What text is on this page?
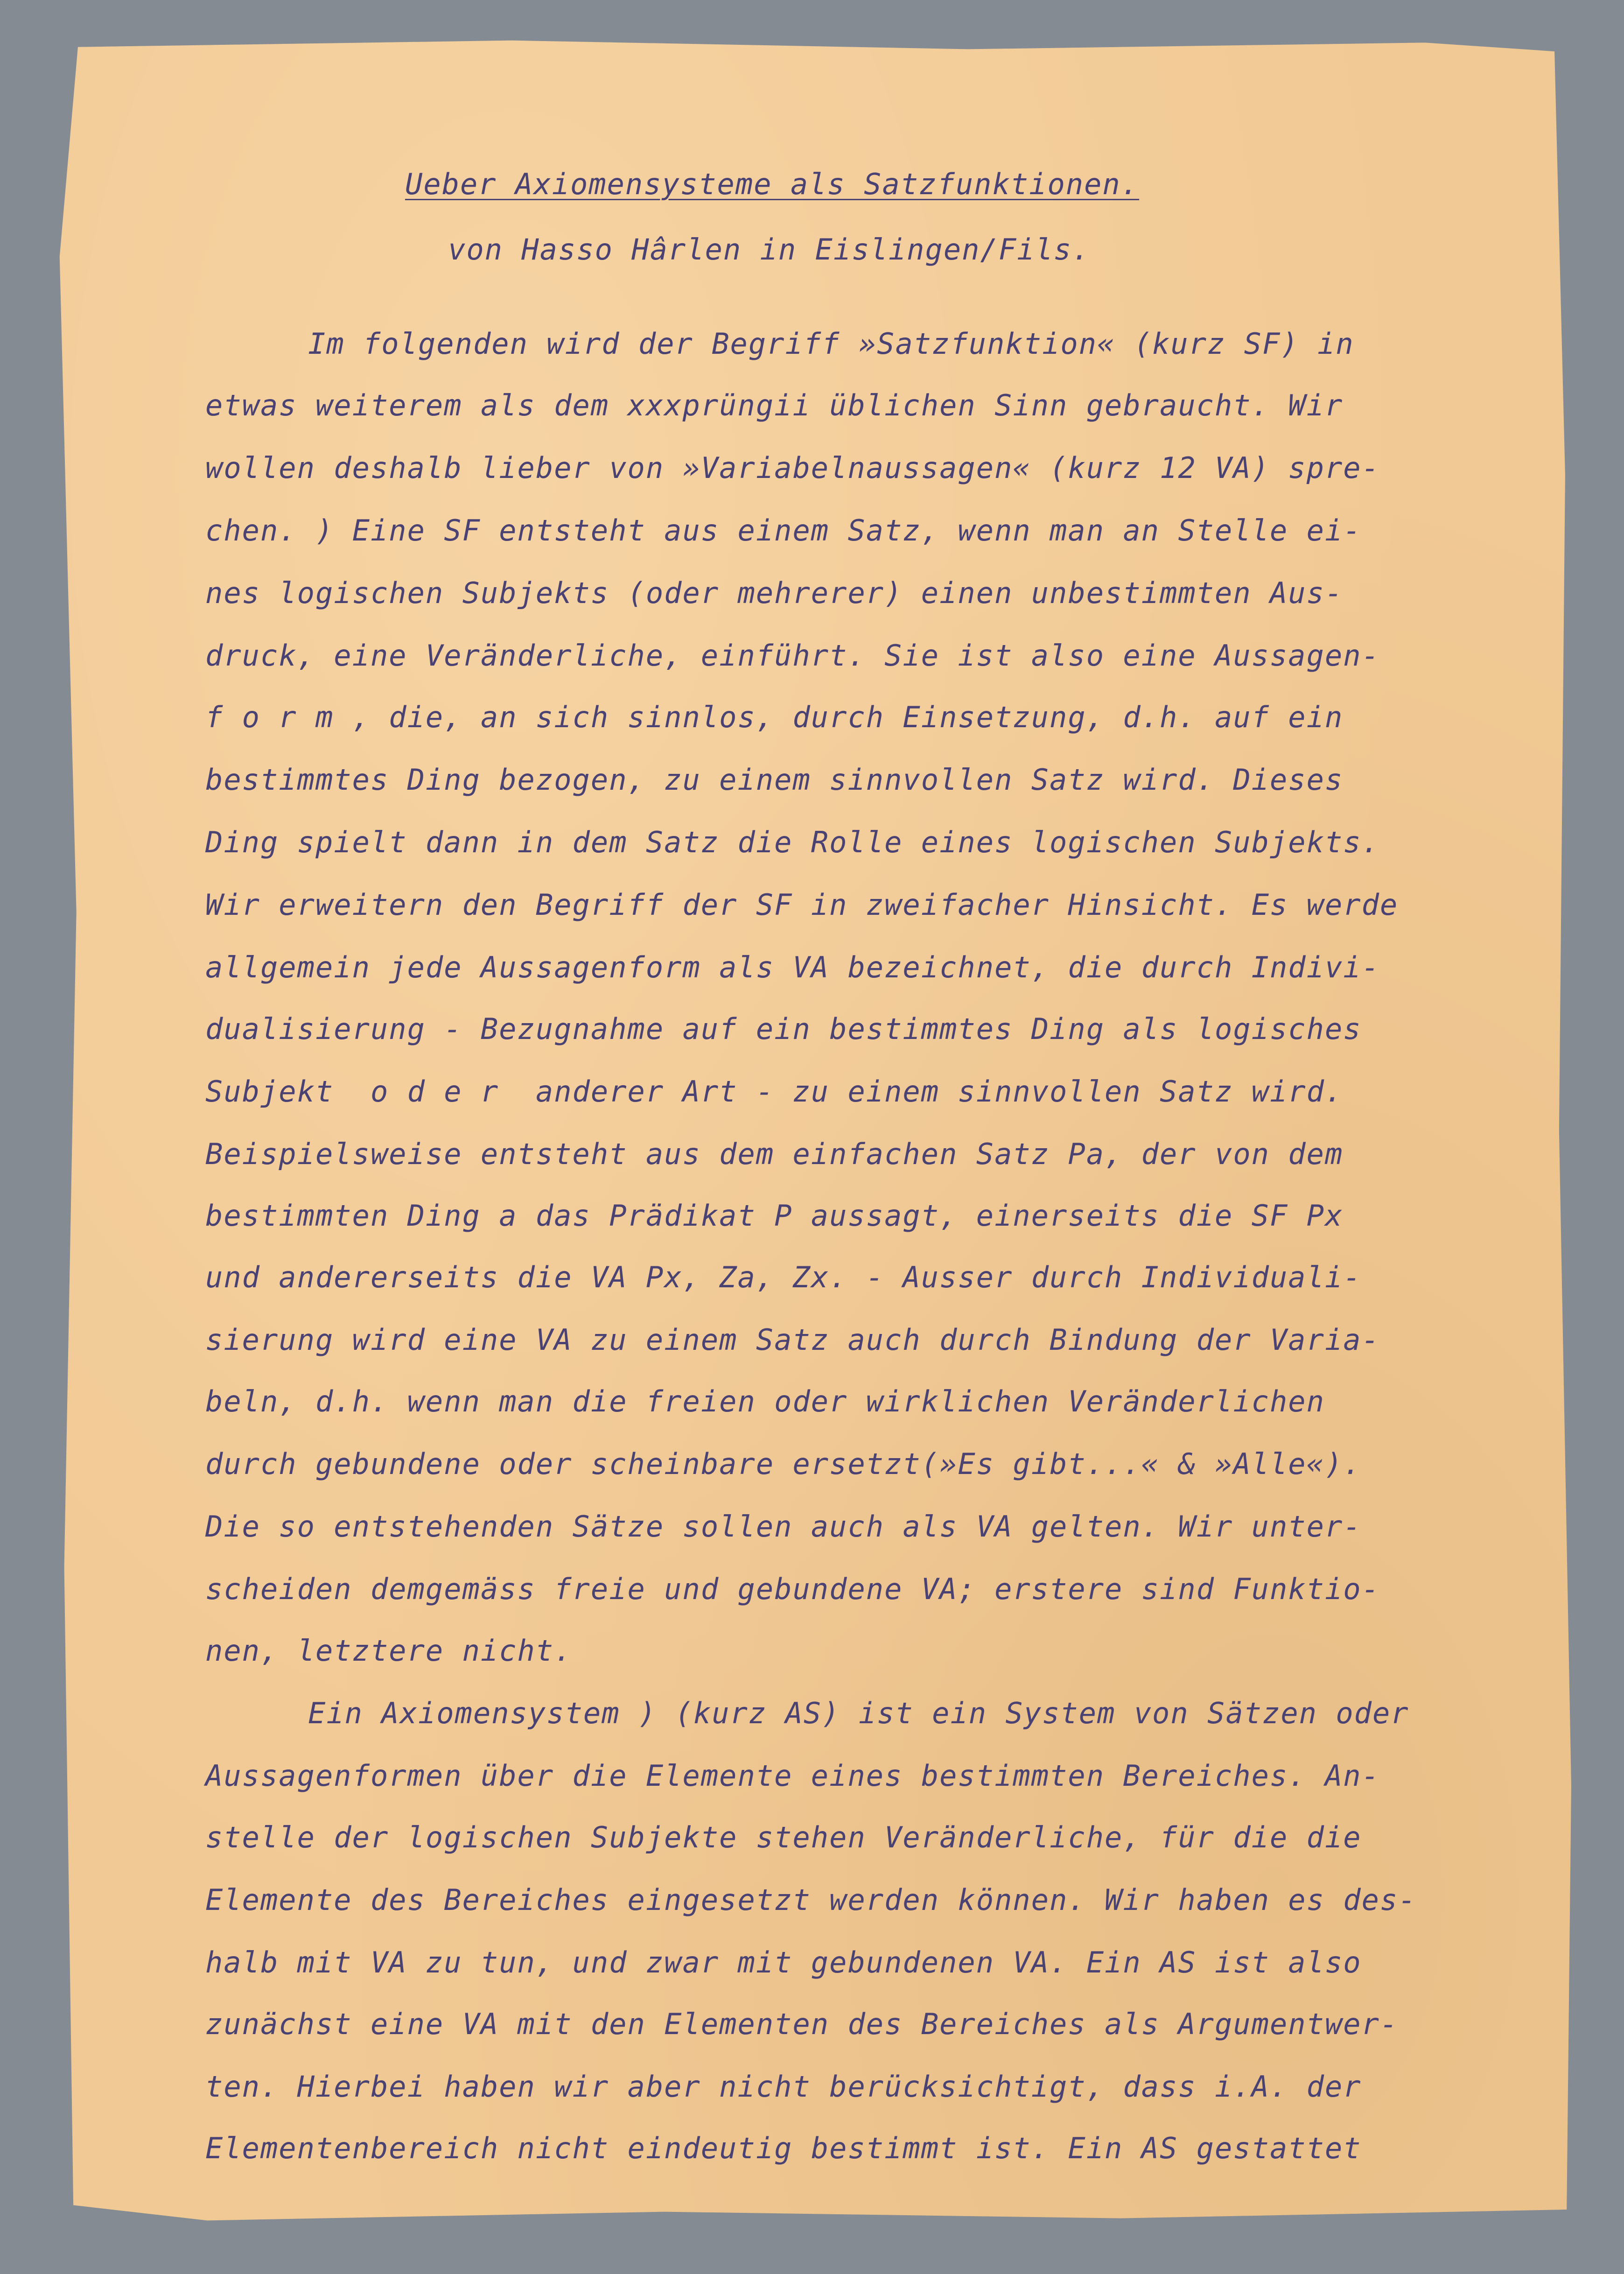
Ueber Axiomensysteme als Satzfunktionen.
von Hasso Hârlen in Eislingen/Fils.
Im folgenden wird der Begriff »Satzfunktion« (kurz SF) in
etwas weiterem als dem xxxprüngii üblichen Sinn gebraucht. Wir
wollen deshalb lieber von »Variabelnaussagen« (kurz 12 VA) spre-
chen. ) Eine SF entsteht aus einem Satz, wenn man an Stelle ei-
nes logischen Subjekts (oder mehrerer) einen unbestimmten Aus-
druck, eine Veränderliche, einführt. Sie ist also eine Aussagen-
f o r m , die, an sich sinnlos, durch Einsetzung, d.h. auf ein
bestimmtes Ding bezogen, zu einem sinnvollen Satz wird. Dieses
Ding spielt dann in dem Satz die Rolle eines logischen Subjekts.
Wir erweitern den Begriff der SF in zweifacher Hinsicht. Es werde
allgemein jede Aussagenform als VA bezeichnet, die durch Indivi-
dualisierung - Bezugnahme auf ein bestimmtes Ding als logisches
Subjekt  o d e r  anderer Art - zu einem sinnvollen Satz wird.
Beispielsweise entsteht aus dem einfachen Satz Pa, der von dem
bestimmten Ding a das Prädikat P aussagt, einerseits die SF Px
und andererseits die VA Px, Za, Zx. - Ausser durch Individuali-
sierung wird eine VA zu einem Satz auch durch Bindung der Varia-
beln, d.h. wenn man die freien oder wirklichen Veränderlichen
durch gebundene oder scheinbare ersetzt(»Es gibt...« & »Alle«).
Die so entstehenden Sätze sollen auch als VA gelten. Wir unter-
scheiden demgemäss freie und gebundene VA; erstere sind Funktio-
nen, letztere nicht.
Ein Axiomensystem ) (kurz AS) ist ein System von Sätzen oder
Aussagenformen über die Elemente eines bestimmten Bereiches. An-
stelle der logischen Subjekte stehen Veränderliche, für die die
Elemente des Bereiches eingesetzt werden können. Wir haben es des-
halb mit VA zu tun, und zwar mit gebundenen VA. Ein AS ist also
zunächst eine VA mit den Elementen des Bereiches als Argumentwer-
ten. Hierbei haben wir aber nicht berücksichtigt, dass i.A. der
Elementenbereich nicht eindeutig bestimmt ist. Ein AS gestattet
